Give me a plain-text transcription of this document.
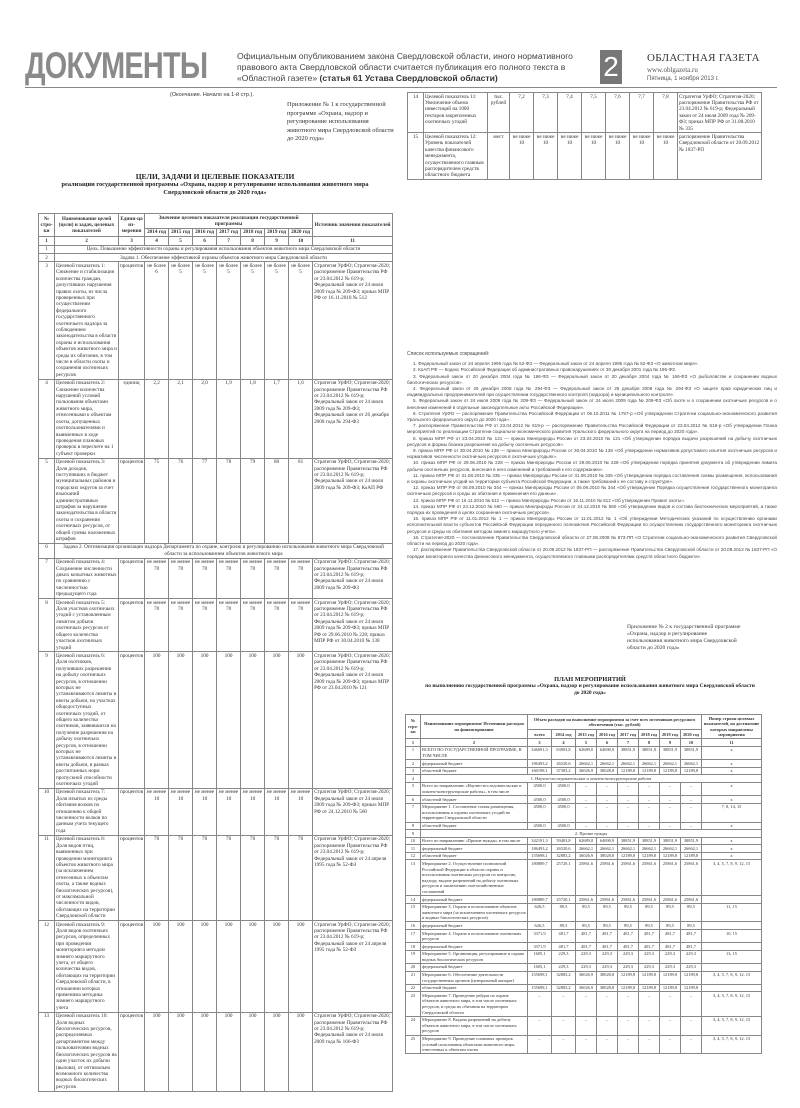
ДОКУМЕНТЫ	Официальным опубликованием закона Свердловской области, иного нормативного правового акта Свердловской области считается публикация его полного текста в «Областной газете» (статья 61 Устава Свердловской области)	2	ОБЛАСТНАЯ ГАЗЕТА
www.oblgazeta.ru
Пятница, 1 ноября 2013 г.
(Окончание. Начало на 1-й стр.).
Приложение № 1 к государственной программе «Охрана, надзор и регулирование использования животного мира Свердловской области до 2020 года»
ЦЕЛИ, ЗАДАЧИ И ЦЕЛЕВЫЕ ПОКАЗАТЕЛИ
реализации государственной программы «Охрана, надзор и регулирование использования животного мира Свердловской области до 2020 года»
№ стро-ки	Наименование целей (цели) и задач, целевых показателей	Едини-ца из-мерения	Значение целевого показателя реализации государственной программы							Источник значения показателей
			2014 год	2015 год	2016 год	2017 год	2018 год	2019 год	2020 год	
1	2	3	4	5	6	7	8	9	10	11
1	Цель. Повышение эффективности охраны и регулирования использования объектов животного мира Свердловской области									
2	Задача 1. Обеспечение эффективной охраны объектов животного мира Свердловской области									
3	Целевой показатель 1: Снижение и стабилизация количества граждан, допустивших нарушения правил охоты, из числа проверенных при осуществлении федерального государственного охотничьего надзора за соблюдением законодательства в области охраны и использования объектов животного мира и среды их обитания, в том числе в области охоты и сохранения охотничьих ресурсов	процентов	не более 6	не более 5	не более 5	не более 5	не более 5	не более 5	не более 5	Стратегия УрФО; Стратегия-2020; распоряжение Правительства РФ от 23.04.2012 № 619-р; Федеральный закон от 24 июля 2009 года № 209-ФЗ; приказ МПР РФ от 16.11.2010 № 512
4	Целевой показатель 2: Снижение количества нарушений условий пользования объектами животного мира, отнесенными к объектам охоты, допущенных охотпользователями и выявленных в ходе проведения плановых проверок в пересчете на 1 субъект проверки	единиц	2,2	2,1	2,0	1,9	1,8	1,7	1,6	Стратегия УрФО; Стратегия-2020; распоряжение Правительства РФ от 23.04.2012 № 619-р; Федеральный закон от 24 июля 2009 года № 209-ФЗ; Федеральный закон от 26 декабря 2008 года № 294-ФЗ
5	Целевой показатель 3: Доля доходов, поступивших в бюджет муниципальных районов и городских округов за счет взысканий административных штрафов за нарушение законодательства в области охоты и сохранения охотничьих ресурсов, от общей суммы наложенных штрафов	процентов	75	76	77	78	79	80	81	Стратегия УрФО; Стратегия-2020; распоряжение Правительства РФ от 23.04.2012 № 619-р; Федеральный закон от 24 июля 2009 года № 209-ФЗ; КоАП РФ
6	Задача 2. Оптимизация организации надзора Департамента по охране, контролю и регулированию использования животного мира Свердловской области за использованием объектов животного мира									
7	Целевой показатель 4: Сохранение численности диких копытных животных по сравнению с численностью предыдущего года	процентов	не менее 70	не менее 70	не менее 70	не менее 70	не менее 70	не менее 70	не менее 70	Стратегия УрФО; Стратегия-2020; распоряжение Правительства РФ от 23.04.2012 № 619-р; Федеральный закон от 24 июля 2009 года № 209-ФЗ
8	Целевой показатель 5: Доля участков охотничьих угодий с установленным лимитом добычи охотничьих ресурсов от общего количества участков охотничьих угодий	процентов	не менее 70	не менее 70	не менее 70	не менее 70	не менее 70	не менее 70	не менее 70	Стратегия УрФО; Стратегия-2020; распоряжение Правительства РФ от 23.04.2012 № 619-р; Федеральный закон от 24 июля 2009 года № 209-ФЗ; приказ МПР РФ от 29.06.2010 № 228; приказ МПР РФ от 30.04.2010 № 138
9	Целевой показатель 6: Доля охотников, получивших разрешения на добычу охотничьих ресурсов, в отношении которых не устанавливаются лимиты и квоты добычи, на участках общедоступных охотничьих угодий, от общего количества охотников, заявившихся на получение разрешения на добычу охотничьих ресурсов, в отношении которых не устанавливаются лимиты и квоты добычи, в рамках рассчитанных норм пропускной способности охотничьих угодий	процентов	100	100	100	100	100	100	100	Стратегия УрФО; Стратегия-2020; распоряжение Правительства РФ от 23.04.2012 № 619-р; Федеральный закон от 24 июля 2009 года № 209-ФЗ; приказ МПР РФ от 23.04.2010 № 121
10	Целевой показатель 7: Доля изъятых из среды обитания волков по отношению к общей численности волков по данным учета текущего года	процентов	не менее 10	не менее 10	не менее 10	не менее 10	не менее 10	не менее 10	не менее 10	Стратегия УрФО; Стратегия-2020; Федеральный закон от 24 июля 2009 года № 209-ФЗ; приказ МПР РФ от 24.12.2010 № 560
11	Целевой показатель 8: Доля видов птиц, выявленных при проведении мониторинга объектов животного мира (за исключением отнесенных к объектам охоты, а также водных биологических ресурсов), от максимальной численности видов, обитающих на территории Свердловской области	процентов	70	70	70	70	70	70	70	Стратегия УрФО; Стратегия-2020; распоряжение Правительства РФ от 23.04.2012 № 619-р; Федеральный закон от 24 апреля 1995 года № 52-ФЗ
12	Целевой показатель 9: Доля видов охотничьих ресурсов, определенных при проведении мониторинга методом зимнего маршрутного учета, от общего количества видов, обитающих на территории Свердловской области, в отношении которых применима методика зимнего маршрутного учета	процентов	100	100	100	100	100	100	100	Стратегия УрФО; Стратегия-2020; распоряжение Правительства РФ от 23.04.2012 № 619-р; Федеральный закон от 24 апреля 1995 года № 52-ФЗ
13	Целевой показатель 10: Доля водных биологических ресурсов, распределяемых департаментом между пользователями водных биологических ресурсов на один участок их добычи (вылова), от оптимально возможного количества водных биологических ресурсов	процентов	100	100	100	100	100	100	100	Стратегия УрФО; Стратегия-2020; распоряжение Правительства РФ от 23.04.2012 № 619-р; Федеральный закон от 24 июля 2009 года № 166-ФЗ

Список используемых сокращений:

1. Федеральный закон от 24 апреля 1995 года № 52-ФЗ — Федеральный закон от 24 апреля 1995 года № 52-ФЗ «О животном мире».

2. КоАП РФ — Кодекс Российской Федерации об административных правонарушениях от 30 декабря 2001 года № 195-ФЗ.

3. Федеральный закон от 20 декабря 2004 года № 166-ФЗ — Федеральный закон от 20 декабря 2004 года № 166-ФЗ «О рыболовстве и сохранении водных биологических ресурсов».

4. Федеральный закон от 26 декабря 2008 года № 294-ФЗ — Федеральный закон от 26 декабря 2008 года № 294-ФЗ «О защите прав юридических лиц и индивидуальных предпринимателей при осуществлении государственного контроля (надзора) и муниципального контроля».

5. Федеральный закон от 24 июля 2009 года № 209-ФЗ — Федеральный закон от 24 июля 2009 года № 209-ФЗ «Об охоте и о сохранении охотничьих ресурсов и о внесении изменений в отдельные законодательные акты Российской Федерации».

6. Стратегия УрФО — распоряжение Правительства Российской Федерации от 06.10.2011 № 1757-р «Об утверждении Стратегии социально-экономического развития Уральского федерального округа до 2020 года».

7. распоряжение Правительства РФ от 23.04.2012 № 619-р — распоряжение Правительства Российской Федерации от 23.04.2012 № 619-р «Об утверждении Плана мероприятий по реализации Стратегии социально-экономического развития Уральского федерального округа на период до 2020 года».

8. приказ МПР РФ от 23.04.2010 № 121 — приказ Минприроды России от 23.04.2010 № 121 «Об утверждении порядка выдачи разрешений на добычу охотничьих ресурсов и формы бланка разрешения на добычу охотничьих ресурсов».

9. приказ МПР РФ от 30.04.2010 № 138 — приказ Минприроды России от 30.04.2010 № 138 «Об утверждении нормативов допустимого изъятия охотничьих ресурсов и нормативов численности охотничьих ресурсов в охотничьих угодьях».

10. приказ МПР РФ от 29.06.2010 № 228 — приказ Минприроды России от 29.06.2010 № 228 «Об утверждении порядка принятия документа об утверждении лимита добычи охотничьих ресурсов, внесения в него изменений и требований к его содержанию».

11. приказ МПР РФ от 31.08.2010 № 335 — приказ Минприроды России от 31.08.2010 № 335 «Об утверждении порядка составления схемы размещения, использования и охраны охотничьих угодий на территории субъекта Российской Федерации, а также требований к ее составу и структуре».

12. приказ МПР РФ от 06.09.2010 № 344 — приказ Минприроды России от 06.09.2010 № 344 «Об утверждении Порядка осуществления государственного мониторинга охотничьих ресурсов и среды их обитания и применения его данных».

13. приказ МПР РФ от 16.11.2010 № 512 — приказ Минприроды России от 16.11.2010 № 512 «Об утверждении Правил охоты».

14. приказ МПР РФ от 24.12.2010 № 560 — приказ Минприроды России от 24.12.2010 № 560 «Об утверждении видов и состава биотехнических мероприятий, а также порядка их проведения в целях сохранения охотничьих ресурсов».

15. приказ МПР РФ от 11.01.2012 № 1 — приказ Минприроды России от 11.01.2012 № 1 «Об утверждении Методических указаний по осуществлению органами исполнительной власти субъектов Российской Федерации переданного полномочия Российской Федерации по осуществлению государственного мониторинга охотничьих ресурсов и среды их обитания методом зимнего маршрутного учета».

16. Стратегия-2020 — постановление Правительства Свердловской области от 27.08.2008 № 873-ПП «О Стратегии социально-экономического развития Свердловской области на период до 2020 года».

17. распоряжение Правительства Свердловской области от 20.09.2012 № 1837-РП — распоряжение Правительства Свердловской области от 20.09.2012 № 1837-РП «О порядке мониторинга качества финансового менеджмента, осуществляемого главными распорядителями средств областного бюджета».

Приложение № 2 к государственной программе «Охрана, надзор и регулирование использования животного мира Свердловской области до 2020 года»
ПЛАН МЕРОПРИЯТИЙ
по выполнению государственной программы «Охрана, надзор и регулирование использования животного мира Свердловской области до 2020 года»
№ стро-ки	Наименование мероприятия/ Источники расходов на финансирование	Объем расходов на выполнение мероприятия за счет всех источников ресурсного обеспечения (тыс. рублей)								Номер строки целевых показателей, на достижение которых направлены мероприятия
		всего	2014 год	2015 год	2016 год	2017 год	2018 год	2019 год	2020 год	
1	2	3	4	5	6	7	8	9	10	11
1	ВСЕГО ПО ГОСУДАРСТВЕННОЙ ПРОГРАММЕ, В ТОМ ЧИСЛЕ	346691,3	63903,8	62689,0	64690,9	38851,9	38851,9	38851,9	38851,9	х
2	федеральный бюджет	186493,2	26520,6	26662,1	26662,1	26662,1	26662,1	26662,1	26662,1	х
3	областной бюджет	160198,1	37383,2	36026,9	38028,8	12189,8	12189,8	12189,8	12189,8	х
4	1. Научно-исследовательские и опытно-конструкторские работы									
5	Всего по направлению «Научно-исследовательские и опытно-конструкторские работы», в том числе	4500,0	4500,0	–	–	–	–	–	–	х
6	областной бюджет	4500,0	4500,0	–	–	–	–	–	–	х
7	Мероприятие 1. Составление схемы размещения, использования и охраны охотничьих угодий на территории Свердловской области	4500,0	4500,0	–	–	–	–	–	–	7, 8, 14, 15
8	областной бюджет	4500,0	4500,0	–	–	–	–	–	–	х
9	2. Прочие нужды									
10	Всего по направлению «Прочие нужды» в том числе	342191,3	59403,8	62689,0	64690,9	38851,9	38851,9	38851,9	38851,9	х
11	федеральный бюджет	186493,2	26520,6	26662,1	26662,1	26662,1	26662,1	26662,1	26662,1	х
12	областной бюджет	155698,1	32883,2	36026,9	38028,8	12189,8	12189,8	12189,8	12189,8	х
13	Мероприятие 2. Осуществление полномочий Российской Федерации в области охраны и использования охотничьих ресурсов по контролю, надзору, выдаче разрешений на добычу охотничьих ресурсов и заключению охотхозяйственных соглашений	180889,7	25720,1	25861,6	25861,6	25861,6	25861,6	25861,6	25861,6	3, 4, 5, 7, 8, 9, 12, 15
14	федеральный бюджет	180889,7	25720,1	25861,6	25861,6	25861,6	25861,6	25861,6	25861,6	
15	Мероприятие 3. Охрана и использование объектов животного мира (за исключением охотничьих ресурсов и водных биологических ресурсов)	626,5	89,5	89,5	89,5	89,5	89,5	89,5	89,5	11, 15
16	федеральный бюджет	626,5	89,5	89,5	89,5	89,5	89,5	89,5	89,5	
17	Мероприятие 4. Охрана и использование охотничьих ресурсов	3371,9	481,7	481,7	481,7	481,7	481,7	481,7	481,7	10, 15
18	федеральный бюджет	3371,9	481,7	481,7	481,7	481,7	481,7	481,7	481,7	
19	Мероприятие 5. Организация, регулирование и охрана водных биологических ресурсов	1605,1	229,3	229,3	229,3	229,3	229,3	229,3	229,3	13, 15
20	федеральный бюджет	1605,1	229,3	229,3	229,3	229,3	229,3	229,3	229,3	
21	Мероприятие 6. Обеспечение деятельности государственных органов (центральный аппарат)	155698,1	32883,2	36026,9	38028,8	12189,8	12189,8	12189,8	12189,8	3, 4, 5, 7, 8, 9, 12, 15
22	областной бюджет	155698,1	32883,2	36026,9	38028,8	12189,8	12189,8	12189,8	12189,8	
23	Мероприятие 7. Проведение рейдов по охране объектов животного мира, в том числе охотничьих ресурсов, и среды их обитания на территории Свердловской области	–	–	–	–	–	–	–	–	3, 4, 5, 7, 8, 9, 12, 15
24	Мероприятие 8. Выдача разрешений на добычу объектов животного мира, в том числе охотничьих ресурсов	–	–	–	–	–	–	–	–	3, 4, 5, 7, 8, 9, 12, 15
25	Мероприятие 9. Проведение плановых проверок условий пользования объектами животного мира, отнесенных к объектам охоты	–	–	–	–	–	–	–	–	3, 4, 5, 7, 8, 9, 12, 15
14	Целевой показатель 11: Увеличение объема инвестиций на 1000 гектаров закрепленных охотничьих угодий	тыс. рублей	7,2	7,3	7,4	7,5	7,6	7,7	7,8	Стратегия УрФО; Стратегия-2020; распоряжение Правительства РФ от 23.04.2012 № 619-р; Федеральный закон от 24 июля 2009 года № 209-ФЗ; приказ МПР РФ от 31.08.2010 № 335
15	Целевой показатель 12: Уровень показателей качества финансового менеджмента, осуществляемого главным распорядителем средств областного бюджета	мест	не ниже 10	не ниже 10	не ниже 10	не ниже 10	не ниже 10	не ниже 10	не ниже 10	распоряжение Правительства Свердловской области от 20.09.2012 № 1837-РП
